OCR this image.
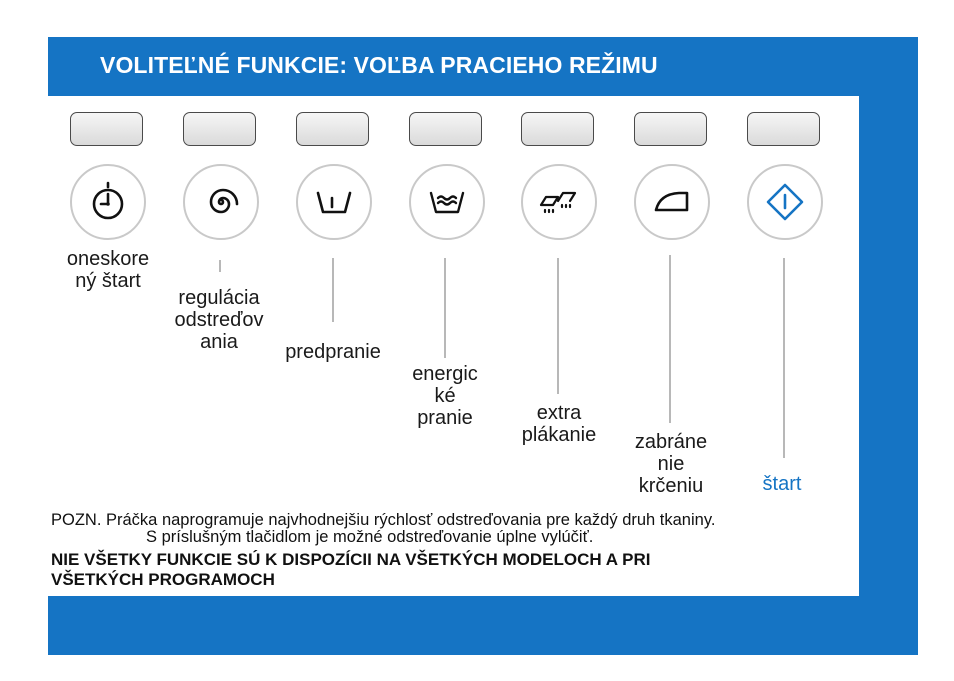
VOLITEĽNÉ FUNKCIE: VOĽBA PRACIEHO REŽIMU
oneskore
ný štart
regulácia
odstreďov
ania	predpranie
energic
ké
pranie	extra
plákanie	zabráne
nie
krčeniu	štart
POZN. Práčka naprogramuje najvhodnejšiu rýchlosť odstreďovania pre každý druh tkaniny.
S príslušným tlačidlom je možné odstreďovanie úplne vylúčiť.
NIE VŠETKY FUNKCIE SÚ K DISPOZÍCII NA VŠETKÝCH MODELOCH A PRI
VŠETKÝCH PROGRAMOCH
